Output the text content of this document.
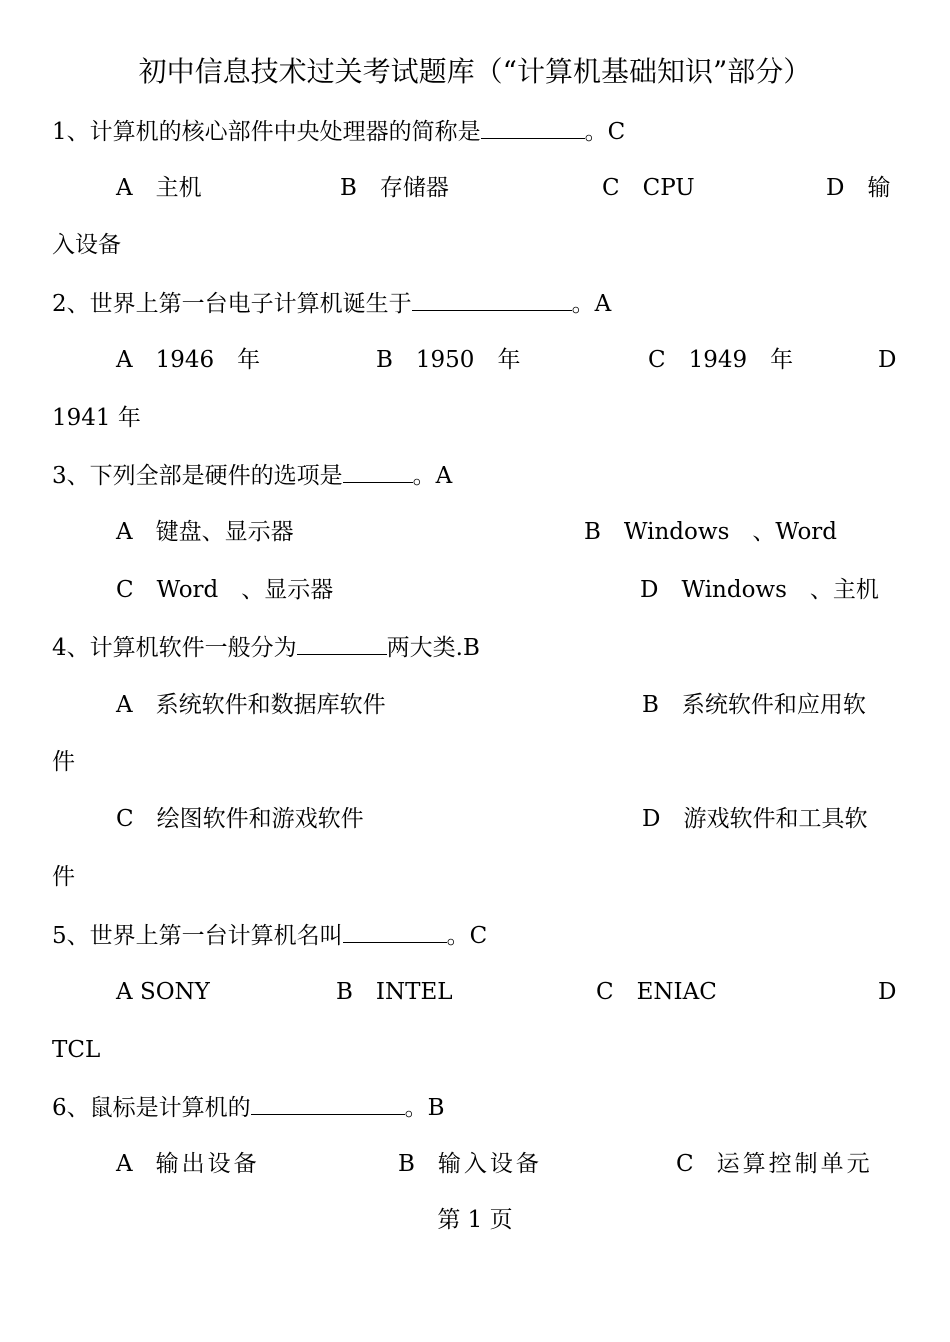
初中信息技术过关考试题库（“计算机基础知识”部分）
1、计算机的核心部件中央处理器的简称是	。C
A　 主机	B　 存储器	C　 CPU	D　 输
入设备
2、世界上第一台电子计算机诞生于	。A
A　 1946　年	B　 1950　年	C　 1949　年	D
1941 年
3、下列全部是硬件的选项是	。A
A　 键盘、显示器	B　 Windows　、Word
C　 Word　、显示器	D　 Windows　、主机
4、计算机软件一般分为	两大类.B
A　 系统软件和数据库软件	B　 系统软件和应用软
件
C　 绘图软件和游戏软件	D　 游戏软件和工具软
件
5、世界上第一台计算机名叫	。C
A SONY	B　 INTEL	C　 ENIAC	D
TCL
6、鼠标是计算机的	。B
A　 输出设备	B　 输入设备	C　 运算控制单元
第 1 页
